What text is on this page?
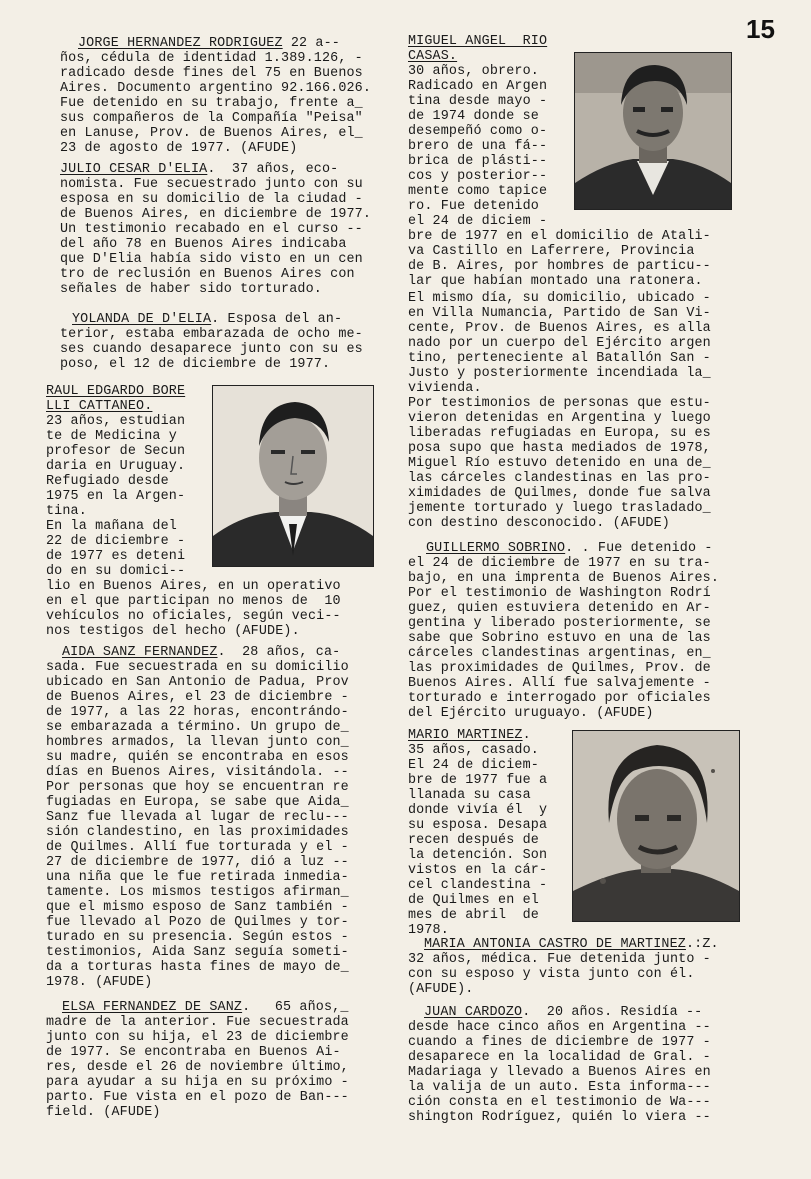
15
JORGE HERNANDEZ RODRIGUEZ 22 a--
ños, cédula de identidad 1.389.126, -
radicado desde fines del 75 en Buenos
Aires. Documento argentino 92.166.026.
Fue detenido en su trabajo, frente a_
sus compañeros de la Compañía "Peisa"
en Lanuse, Prov. de Buenos Aires, el_
23 de agosto de 1977. (AFUDE)
JULIO CESAR D'ELIA.  37 años, eco-
nomista. Fue secuestrado junto con su
esposa en su domicilio de la ciudad -
de Buenos Aires, en diciembre de 1977.
Un testimonio recabado en el curso --
del año 78 en Buenos Aires indicaba
que D'Elia había sido visto en un cen
tro de reclusión en Buenos Aires con
señales de haber sido torturado.
YOLANDA DE D'ELIA. Esposa del an-
terior, estaba embarazada de ocho me-
ses cuando desaparece junto con su es
poso, el 12 de diciembre de 1977.
RAUL EDGARDO BORE
LLI CATTANEO.
23 años, estudian
te de Medicina y
profesor de Secun
daria en Uruguay.
Refugiado desde
1975 en la Argen-
tina.
En la mañana del
22 de diciembre -
de 1977 es deteni
do en su domici--
lio en Buenos Aires, en un operativo
en el que participan no menos de  10
vehículos no oficiales, según veci--
nos testigos del hecho (AFUDE).
AIDA SANZ FERNANDEZ.  28 años, ca-
sada. Fue secuestrada en su domicilio
ubicado en San Antonio de Padua, Prov
de Buenos Aires, el 23 de diciembre -
de 1977, a las 22 horas, encontrándo-
se embarazada a término. Un grupo de_
hombres armados, la llevan junto con_
su madre, quién se encontraba en esos
días en Buenos Aires, visitándola. --
Por personas que hoy se encuentran re
fugiadas en Europa, se sabe que Aida_
Sanz fue llevada al lugar de reclu---
sión clandestino, en las proximidades
de Quilmes. Allí fue torturada y el -
27 de diciembre de 1977, dió a luz --
una niña que le fue retirada inmedia-
tamente. Los mismos testigos afirman_
que el mismo esposo de Sanz también -
fue llevado al Pozo de Quilmes y tor-
turado en su presencia. Según estos -
testimonios, Aida Sanz seguía someti-
da a torturas hasta fines de mayo de_
1978. (AFUDE)
ELSA FERNANDEZ DE SANZ.   65 años,_
madre de la anterior. Fue secuestrada
junto con su hija, el 23 de diciembre
de 1977. Se encontraba en Buenos Ai-
res, desde el 26 de noviembre último,
para ayudar a su hija en su próximo -
parto. Fue vista en el pozo de Ban---
field. (AFUDE)
MIGUEL ANGEL  RIO
CASAS.
30 años, obrero.
Radicado en Argen
tina desde mayo -
de 1974 donde se
desempeñó como o-
brero de una fá--
brica de plásti--
cos y posterior--
mente como tapice
ro. Fue detenido
el 24 de diciem -
bre de 1977 en el domicilio de Atali-
va Castillo en Laferrere, Provincia
de B. Aires, por hombres de particu--
lar que habían montado una ratonera.
El mismo día, su domicilio, ubicado -
en Villa Numancia, Partido de San Vi-
cente, Prov. de Buenos Aires, es alla
nado por un cuerpo del Ejército argen
tino, perteneciente al Batallón San -
Justo y posteriormente incendiada la_
vivienda.
Por testimonios de personas que estu-
vieron detenidas en Argentina y luego
liberadas refugiadas en Europa, su es
posa supo que hasta mediados de 1978,
Miguel Río estuvo detenido en una de_
las cárceles clandestinas en las pro-
ximidades de Quilmes, donde fue salva
jemente torturado y luego trasladado_
con destino desconocido. (AFUDE)
GUILLERMO SOBRINO. . Fue detenido -
el 24 de diciembre de 1977 en su tra-
bajo, en una imprenta de Buenos Aires.
Por el testimonio de Washington Rodrí
guez, quien estuviera detenido en Ar-
gentina y liberado posteriormente, se
sabe que Sobrino estuvo en una de las
cárceles clandestinas argentinas, en_
las proximidades de Quilmes, Prov. de
Buenos Aires. Allí fue salvajemente -
torturado e interrogado por oficiales
del Ejército uruguayo. (AFUDE)
MARIO MARTINEZ.
35 años, casado.
El 24 de diciem-
bre de 1977 fue a
llanada su casa
donde vivía él  y
su esposa. Desapa
recen después de
la detención. Son
vistos en la cár-
cel clandestina -
de Quilmes en el
mes de abril  de
1978.
MARIA ANTONIA CASTRO DE MARTINEZ.:Z.
32 años, médica. Fue detenida junto -
con su esposo y vista junto con él.
(AFUDE).
JUAN CARDOZO.  20 años. Residía --
desde hace cinco años en Argentina --
cuando a fines de diciembre de 1977 -
desaparece en la localidad de Gral. -
Madariaga y llevado a Buenos Aires en
la valija de un auto. Esta informa---
ción consta en el testimonio de Wa---
shington Rodríguez, quién lo viera --
